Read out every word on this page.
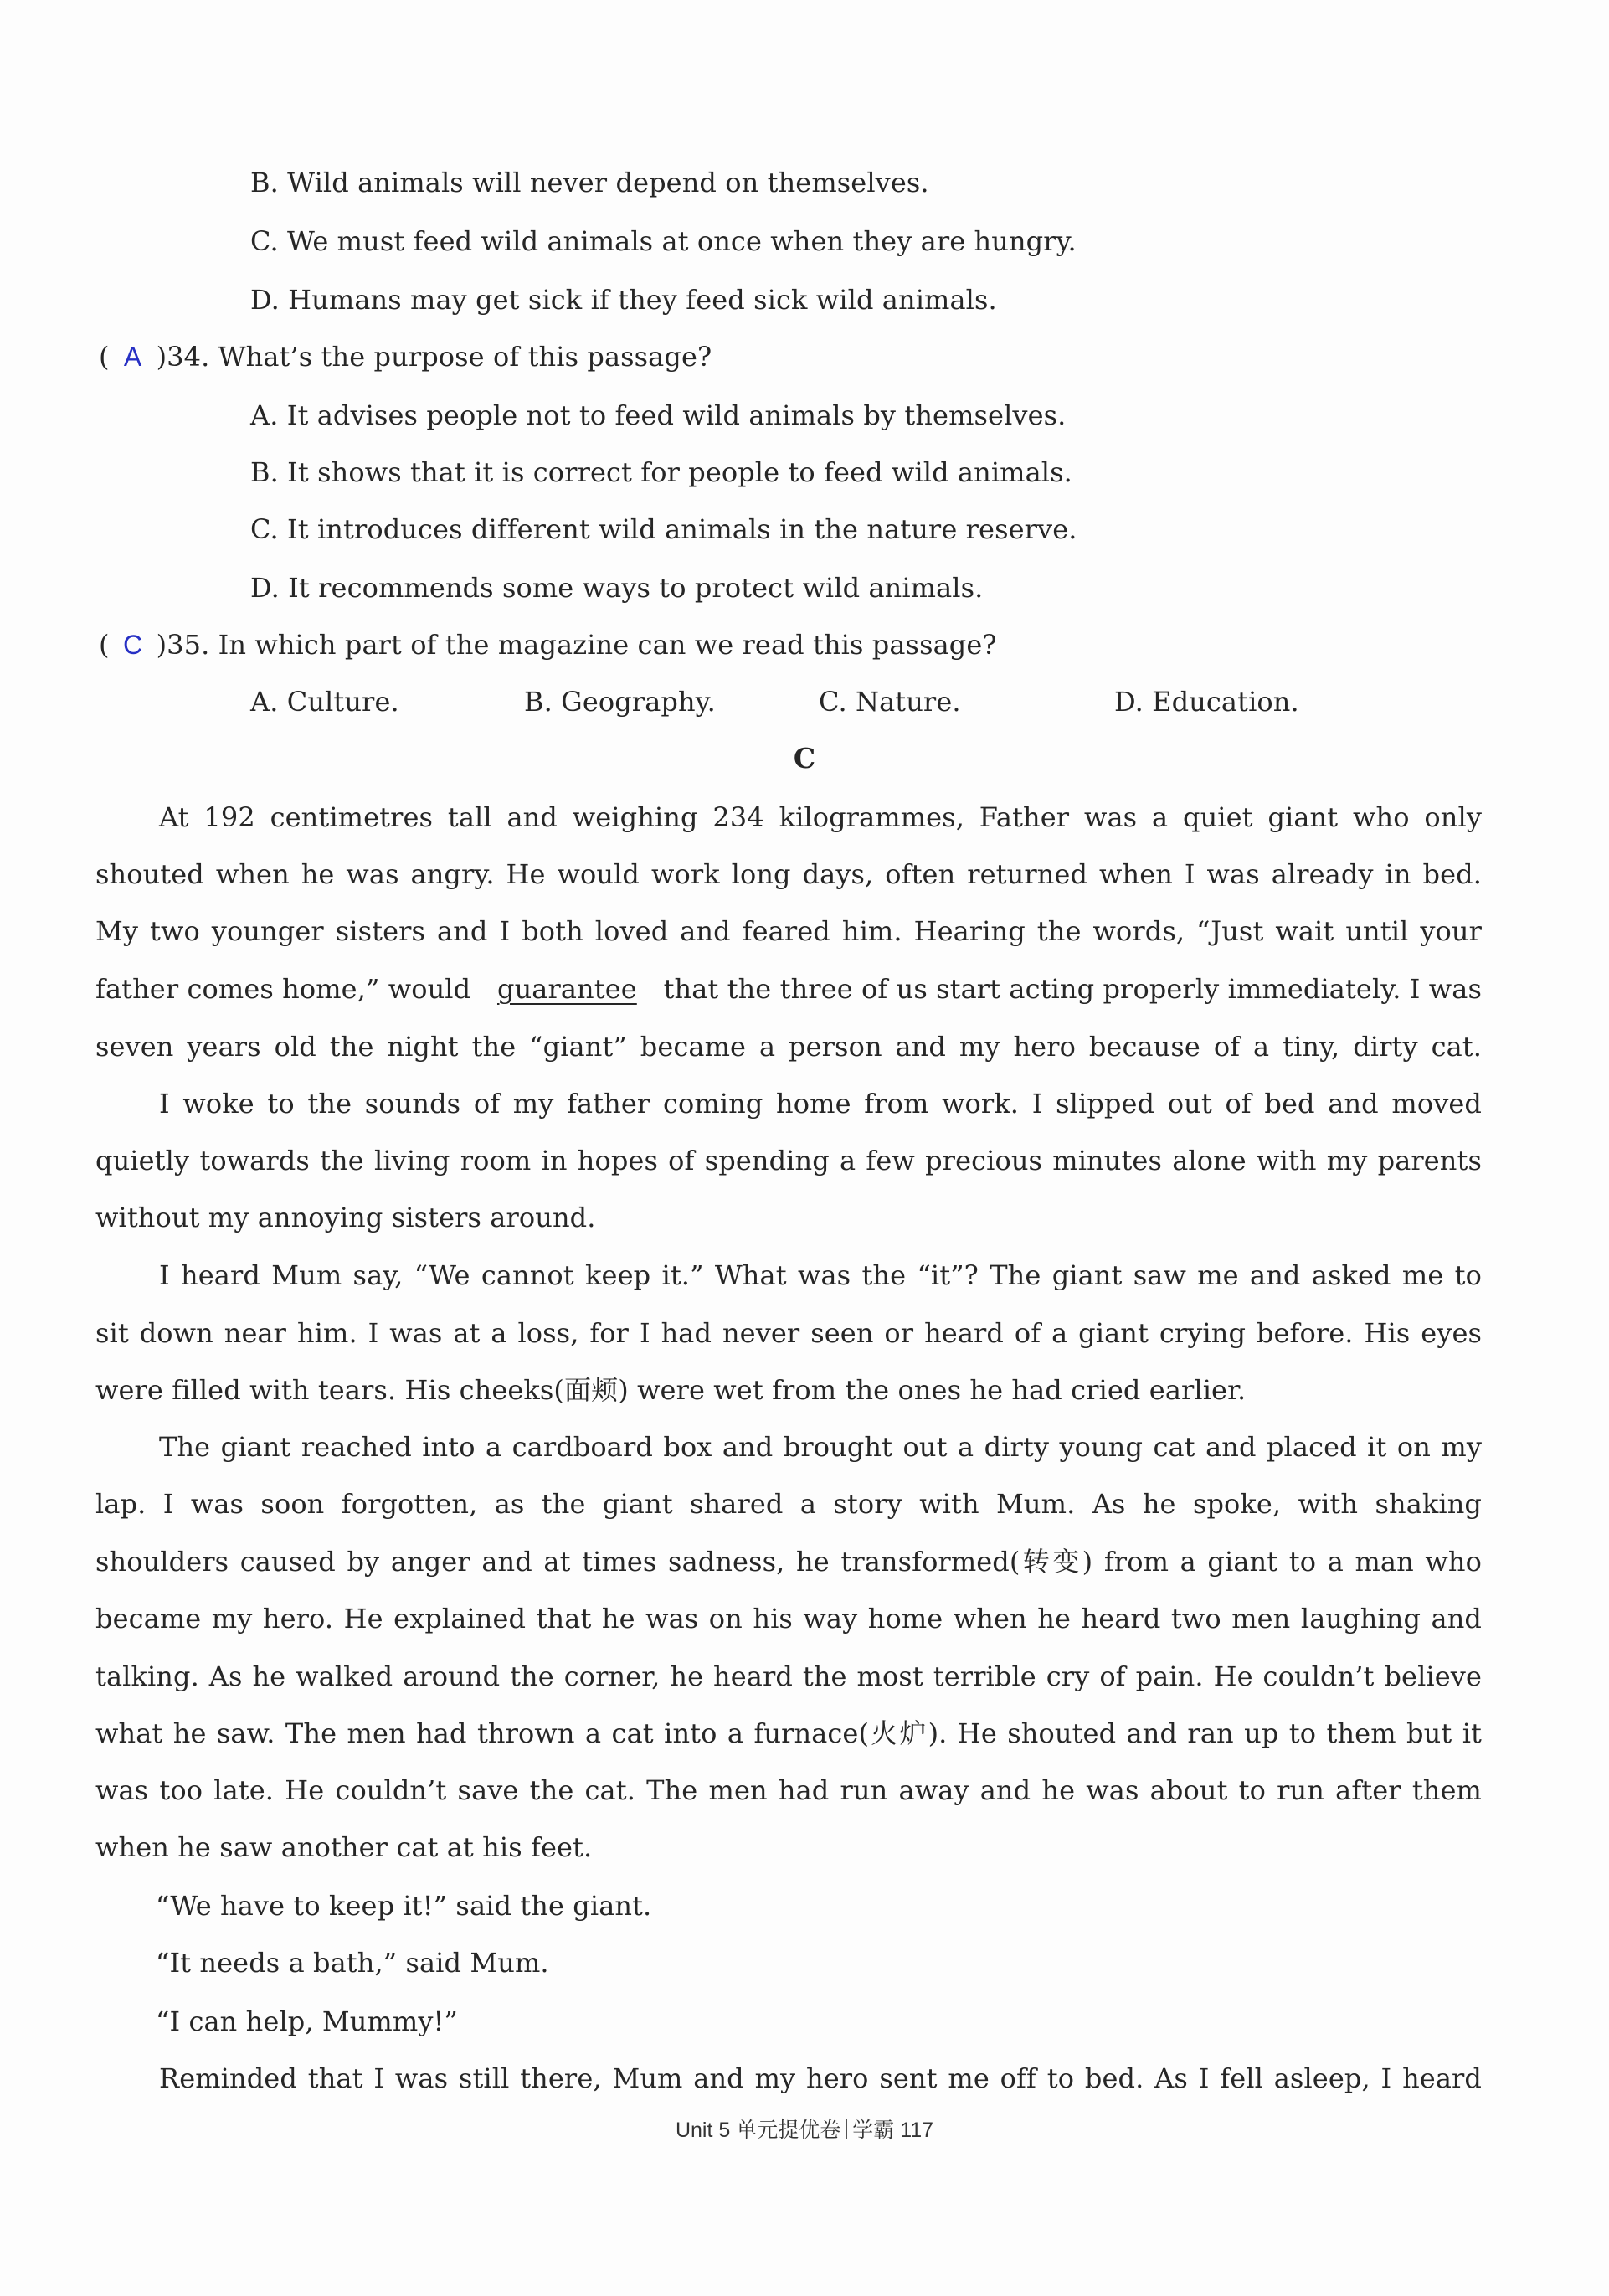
B. Wild animals will never depend on themselves.

C. We must feed wild animals at once when they are hungry.

D. Humans may get sick if they feed sick wild animals.

( A )34. What’s the purpose of this passage?

A. It advises people not to feed wild animals by themselves.

B. It shows that it is correct for people to feed wild animals.

C. It introduces different wild animals in the nature reserve.

D. It recommends some ways to protect wild animals.

( C )35. In which part of the magazine can we read this passage?

A. Culture.	B. Geography.	C. Nature.	D. Education.

C

At 192 centimetres tall and weighing 234 kilogrammes, Father was a quiet giant who only

shouted when he was angry. He would work long days, often returned when I was already in bed.

My two younger sisters and I both loved and feared him. Hearing the words, “Just wait until your

father comes home,” would guarantee that the three of us start acting properly immediately. I was

seven years old the night the “giant” became a person and my hero because of a tiny, dirty cat.

I woke to the sounds of my father coming home from work. I slipped out of bed and moved

quietly towards the living room in hopes of spending a few precious minutes alone with my parents

without my annoying sisters around.

I heard Mum say, “We cannot keep it.” What was the “it”? The giant saw me and asked me to

sit down near him. I was at a loss, for I had never seen or heard of a giant crying before. His eyes

were filled with tears. His cheeks(面颊) were wet from the ones he had cried earlier.

The giant reached into a cardboard box and brought out a dirty young cat and placed it on my

lap. I was soon forgotten, as the giant shared a story with Mum. As he spoke, with shaking

shoulders caused by anger and at times sadness, he transformed(转变) from a giant to a man who

became my hero. He explained that he was on his way home when he heard two men laughing and

talking. As he walked around the corner, he heard the most terrible cry of pain. He couldn’t believe

what he saw. The men had thrown a cat into a furnace(火炉). He shouted and ran up to them but it

was too late. He couldn’t save the cat. The men had run away and he was about to run after them

when he saw another cat at his feet.

“We have to keep it!” said the giant.

“It needs a bath,” said Mum.

“I can help, Mummy!”

Reminded that I was still there, Mum and my hero sent me off to bed. As I fell asleep, I heard

Unit 5 单元提优卷 学霸 117
